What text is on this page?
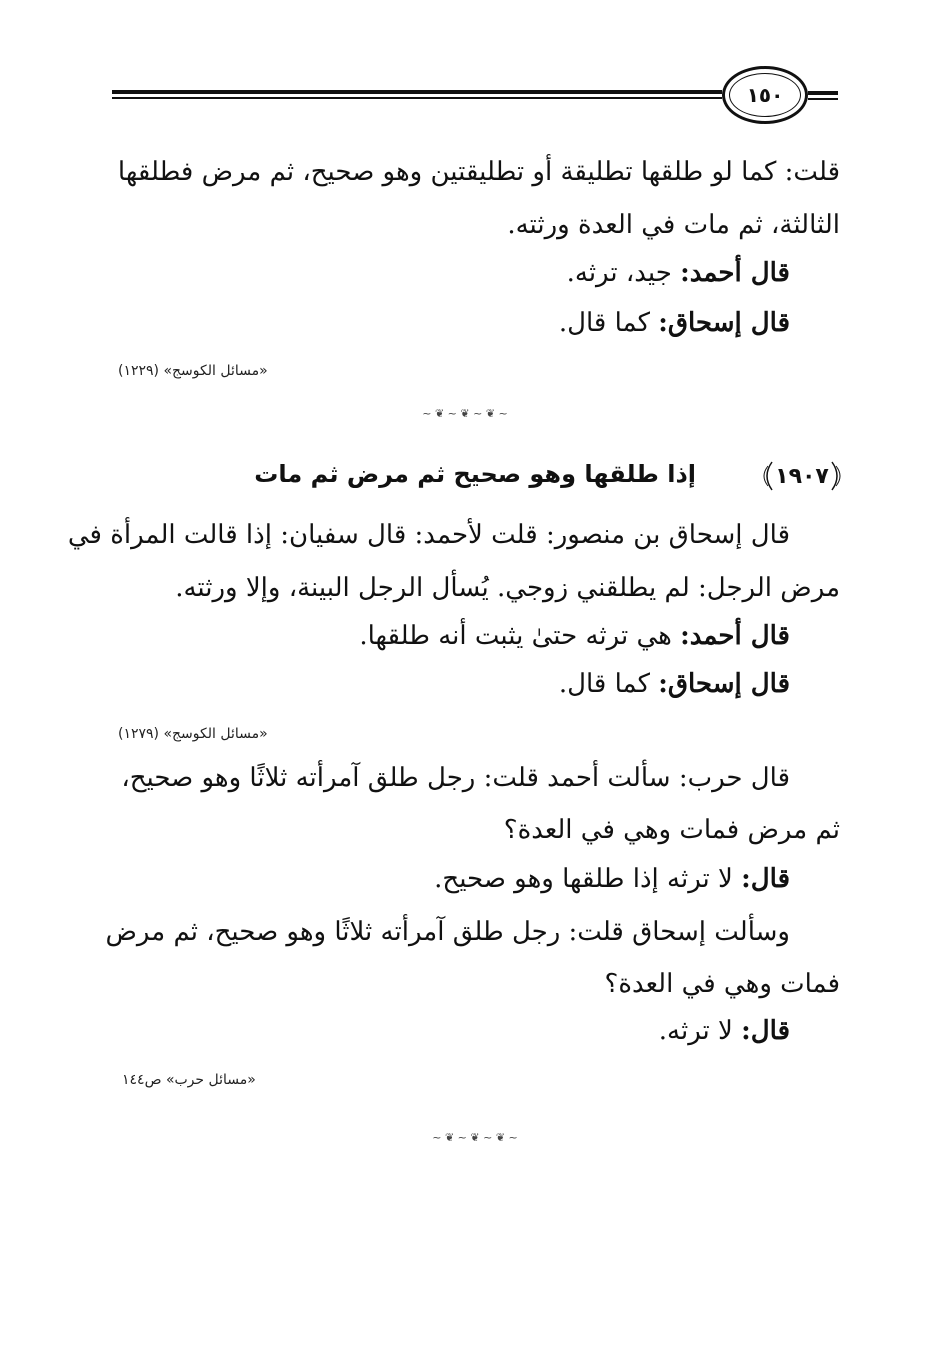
١٥٠
قلت: كما لو طلقها تطليقة أو تطليقتين وهو صحيح، ثم مرض فطلقها
الثالثة، ثم مات في العدة ورثته.
قال أحمد: جيد، ترثه.
قال إسحاق: كما قال.
«مسائل الكوسج» (١٢٢٩)
~ ❦ ~ ❦ ~ ❦ ~
١٩٠٧
إذا طلقها وهو صحيح ثم مرض ثم مات
قال إسحاق بن منصور: قلت لأحمد: قال سفيان: إذا قالت المرأة في
مرض الرجل: لم يطلقني زوجي. يُسأل الرجل البينة، وإلا ورثته.
قال أحمد: هي ترثه حتىٰ يثبت أنه طلقها.
قال إسحاق: كما قال.
«مسائل الكوسج» (١٢٧٩)
قال حرب: سألت أحمد قلت: رجل طلق آمرأته ثلاثًا وهو صحيح،
ثم مرض فمات وهي في العدة؟
قال: لا ترثه إذا طلقها وهو صحيح.
وسألت إسحاق قلت: رجل طلق آمرأته ثلاثًا وهو صحيح، ثم مرض
فمات وهي في العدة؟
قال: لا ترثه.
«مسائل حرب» ص١٤٤
~ ❦ ~ ❦ ~ ❦ ~
